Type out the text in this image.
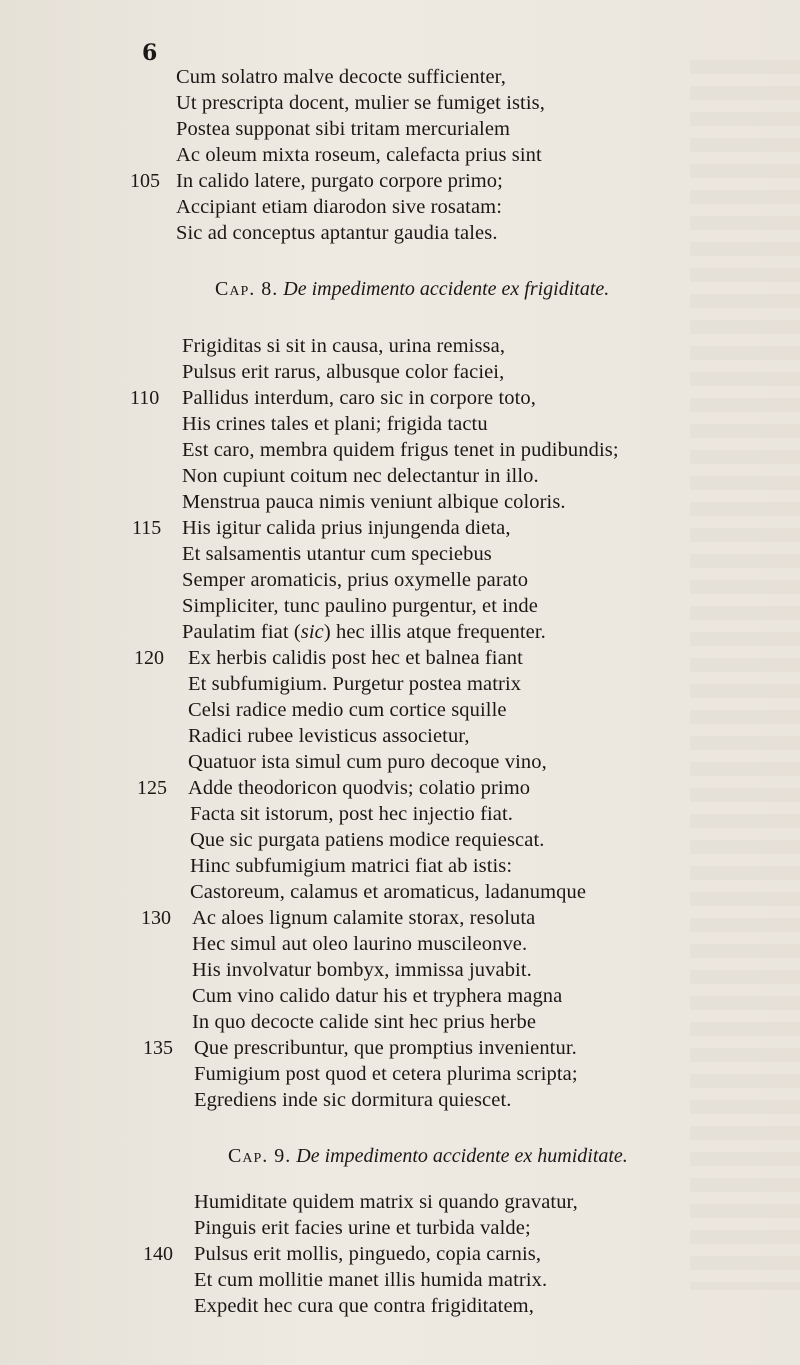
6
Cum solatro malve decocte sufficienter,
Ut prescripta docent, mulier se fumiget istis,
Postea supponat sibi tritam mercurialem
Ac oleum mixta roseum, calefacta prius sint
105 In calido latere, purgato corpore primo;
Accipiant etiam diarodon sive rosatam:
Sic ad conceptus aptantur gaudia tales.
Cap. 8. De impedimento accidente ex frigiditate.
Frigiditas si sit in causa, urina remissa,
Pulsus erit rarus, albusque color faciei,
110 Pallidus interdum, caro sic in corpore toto,
His crines tales et plani; frigida tactu
Est caro, membra quidem frigus tenet in pudibundis;
Non cupiunt coitum nec delectantur in illo.
Menstrua pauca nimis veniunt albique coloris.
115 His igitur calida prius injungenda dieta,
Et salsamentis utantur cum speciebus
Semper aromaticis, prius oxymelle parato
Simpliciter, tunc paulino purgentur, et inde
Paulatim fiat (sic) hec illis atque frequenter.
120 Ex herbis calidis post hec et balnea fiant
Et subfumigium. Purgetur postea matrix
Celsi radice medio cum cortice squille
Radici rubee levisticus associetur,
Quatuor ista simul cum puro decoque vino,
125 Adde theodoricon quodvis; colatio primo
Facta sit istorum, post hec injectio fiat.
Que sic purgata patiens modice requiescat.
Hinc subfumigium matrici fiat ab istis:
Castoreum, calamus et aromaticus, ladanumque
130 Ac aloes lignum calamite storax, resoluta
Hec simul aut oleo laurino muscileonve.
His involvatur bombyx, immissa juvabit.
Cum vino calido datur his et tryphera magna
In quo decocte calide sint hec prius herbe
135 Que prescribuntur, que promptius invenientur.
Fumigium post quod et cetera plurima scripta;
Egrediens inde sic dormitura quiescet.
Cap. 9. De impedimento accidente ex humiditate.
Humiditate quidem matrix si quando gravatur,
Pinguis erit facies urine et turbida valde;
140 Pulsus erit mollis, pinguedo, copia carnis,
Et cum mollitie manet illis humida matrix.
Expedit hec cura que contra frigiditatem,
